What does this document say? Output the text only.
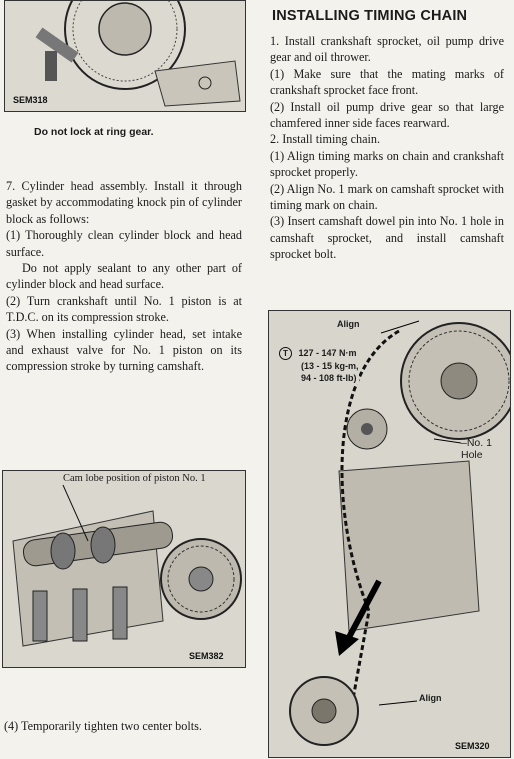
SEM318
Do not lock at ring gear.

7. Cylinder head assembly. Install it through gasket by accommodating knock pin of cylinder block as follows:

(1) Thoroughly clean cylinder block and head surface.

Do not apply sealant to any other part of cylinder block and head surface.

(2) Turn crankshaft until No. 1 piston is at T.D.C. on its compression stroke.

(3) When installing cylinder head, set intake and exhaust valve for No. 1 piston on its compression stroke by turning camshaft.

Cam lobe position of piston No. 1
SEM382
(4) Temporarily tighten two center bolts.
INSTALLING TIMING CHAIN

1. Install crankshaft sprocket, oil pump drive gear and oil thrower.

(1) Make sure that the mating marks of crankshaft sprocket face front.

(2) Install oil pump drive gear so that large chamfered inner side faces rearward.

2. Install timing chain.

(1) Align timing marks on chain and crankshaft sprocket properly.

(2) Align No. 1 mark on camshaft sprocket with timing mark on chain.

(3) Insert camshaft dowel pin into No. 1 hole in camshaft sprocket, and install camshaft sprocket bolt.

Align
T 127 - 147 N·m
(13 - 15 kg-m,
94 - 108 ft-lb)
–No. 1 Hole
Align
SEM320
